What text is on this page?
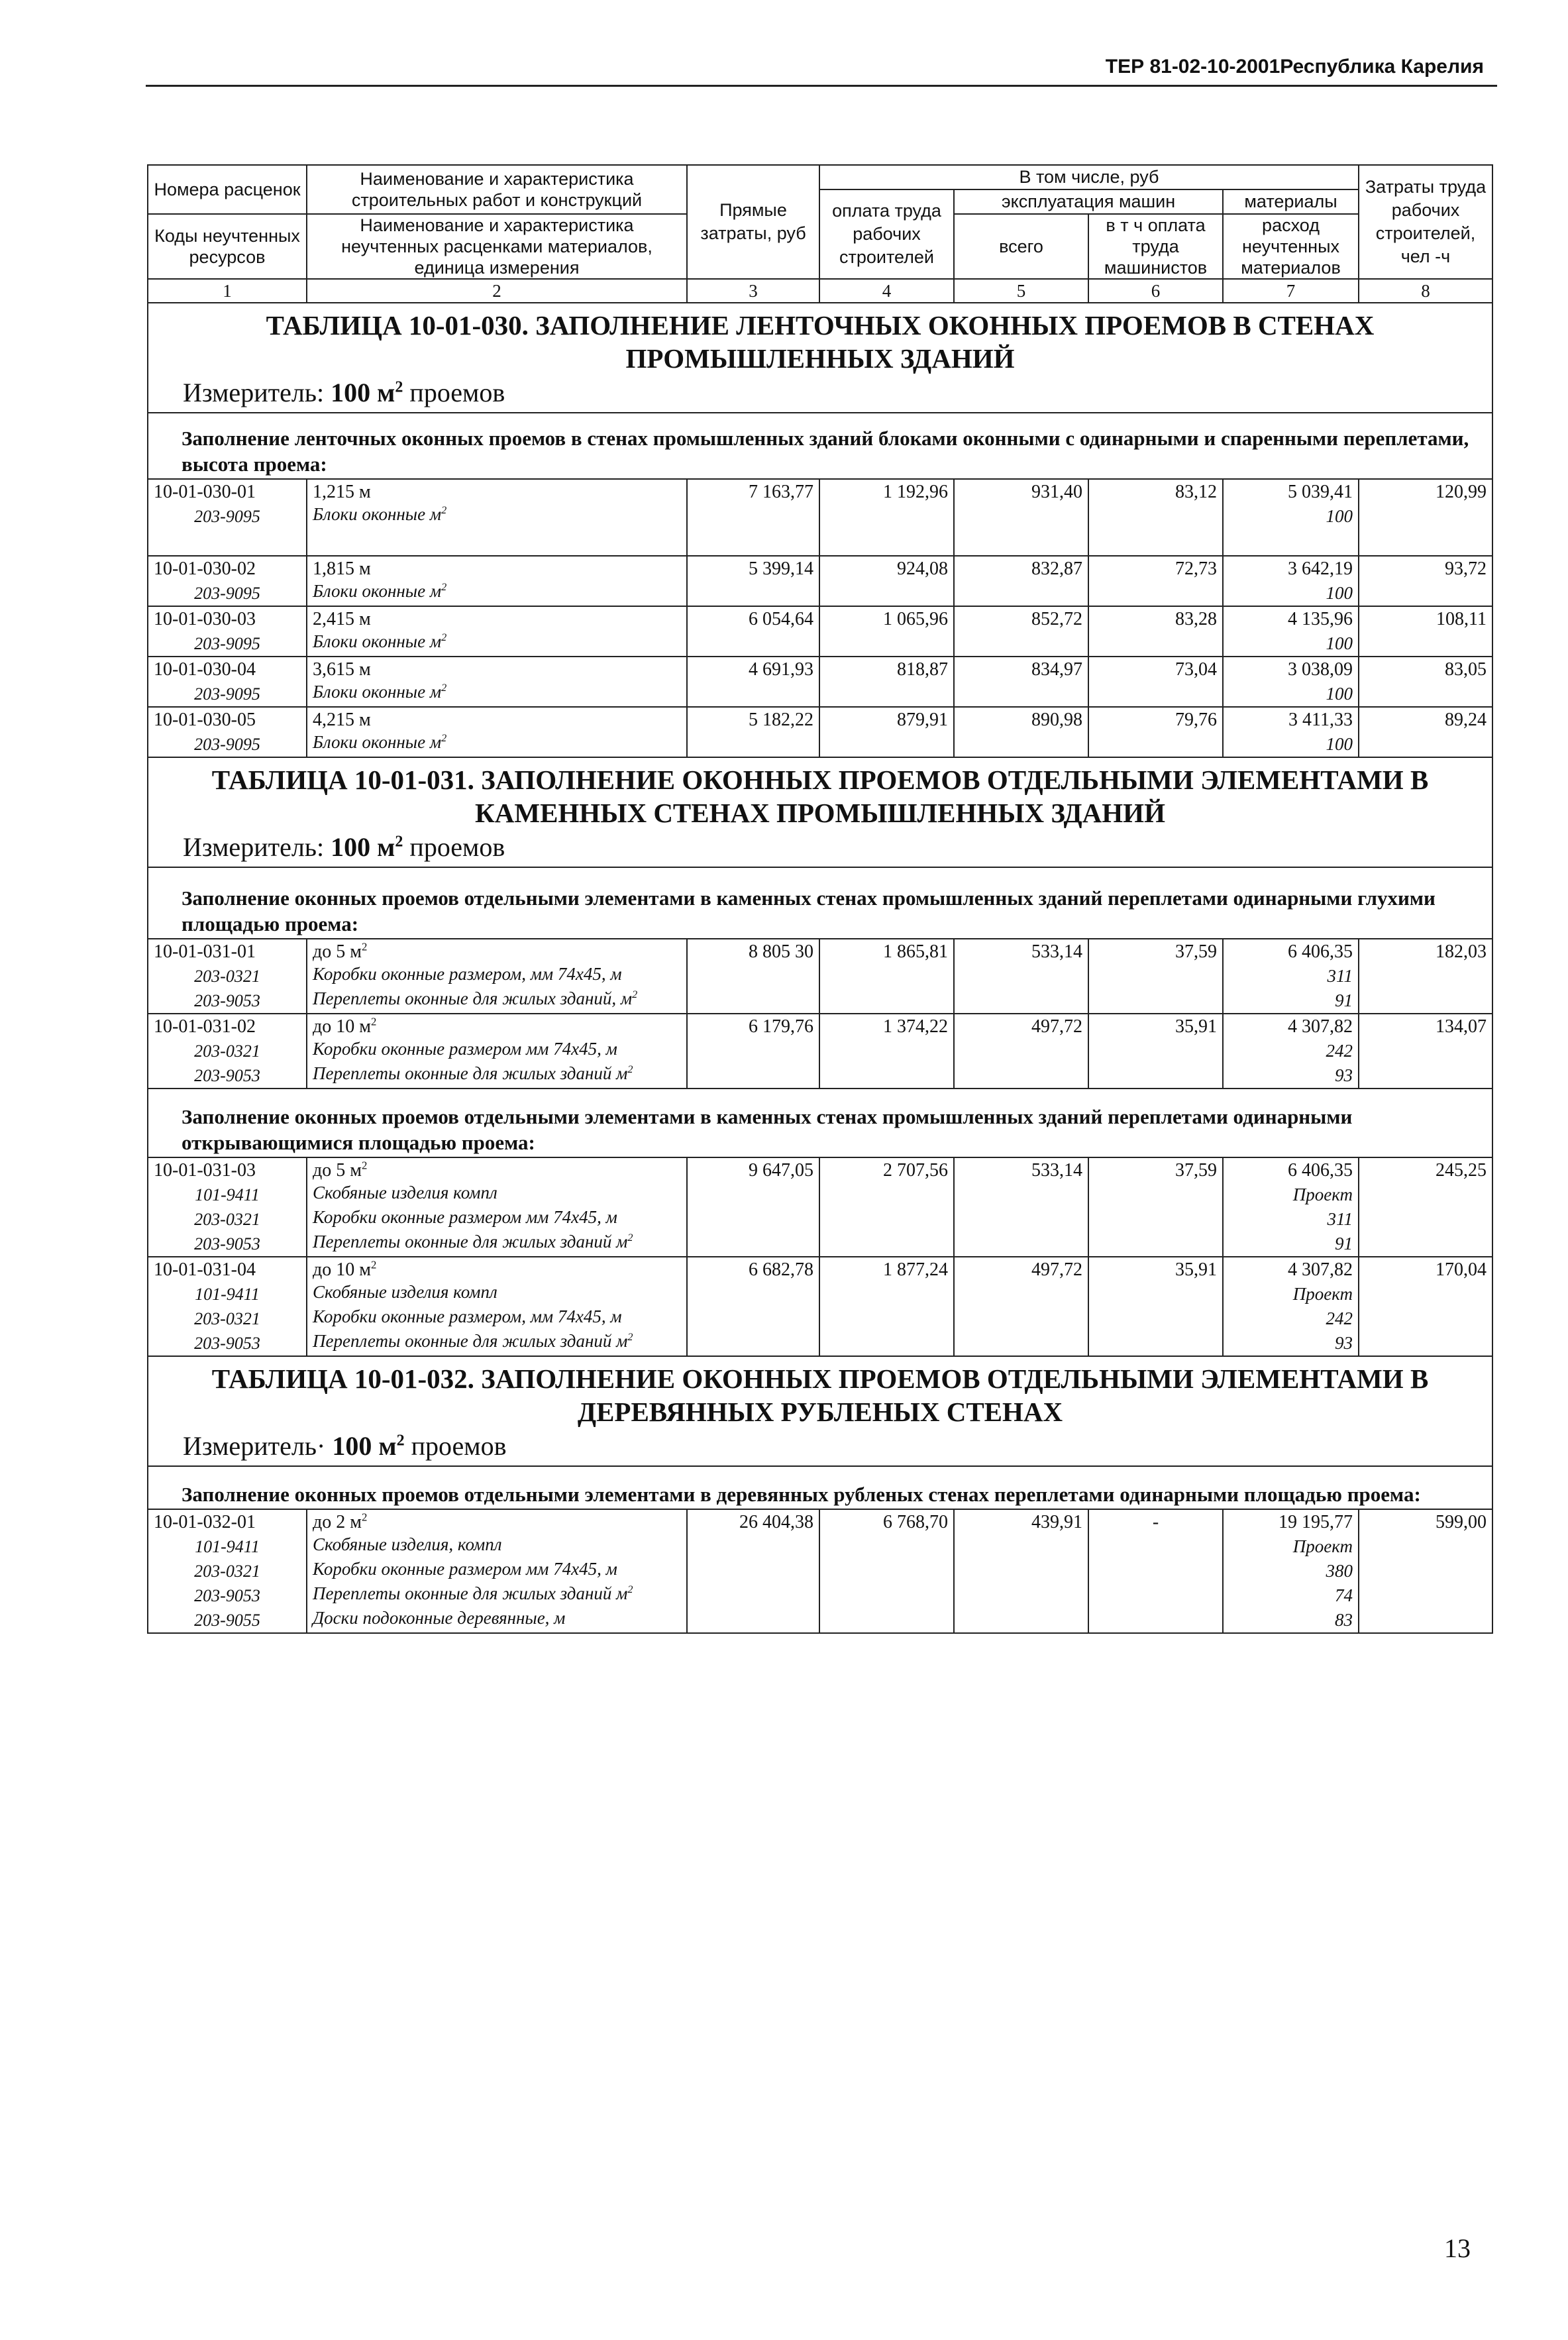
ТЕР 81-02-10-2001Республика Карелия
Номера расценок	Наименование и характеристика строительных работ и конструкций	Прямые затраты, руб	В том числе, руб				Затраты труда рабочих строителей, чел -ч
			оплата труда рабочих строителей	эксплуатация машин		материалы	
Коды неучтенных ресурсов	Наименование и характеристика неучтенных расценками материалов, единица измерения			всего	в т ч оплата труда машинистов	расход неучтенных материалов	

1	2	3	4	5	6	7	8

ТАБЛИЦА 10-01-030. ЗАПОЛНЕНИЕ ЛЕНТОЧНЫХ ОКОННЫХ ПРОЕМОВ В СТЕНАХ ПРОМЫШЛЕННЫХ ЗДАНИЙ
Измеритель: 100 $м^2$ проемов							

Заполнение ленточных оконных проемов в стенах промышленных зданий блоками оконными с одинарными и спаренными переплетами, высота проема:							
10-01-030-01	1,215 м	7 163,77	1 192,96	931,40	83,12	5 039,41	120,99
203-9095	Блоки оконные $м^2$					100	
10-01-030-02	1,815 м	5 399,14	924,08	832,87	72,73	3 642,19	93,72
203-9095	Блоки оконные $м^2$					100	
10-01-030-03	2,415 м	6 054,64	1 065,96	852,72	83,28	4 135,96	108,11
203-9095	Блоки оконные $м^2$					100	
10-01-030-04	3,615 м	4 691,93	818,87	834,97	73,04	3 038,09	83,05
203-9095	Блоки оконные $м^2$					100	
10-01-030-05	4,215 м	5 182,22	879,91	890,98	79,76	3 411,33	89,24
203-9095	Блоки оконные $м^2$					100	

ТАБЛИЦА 10-01-031. ЗАПОЛНЕНИЕ ОКОННЫХ ПРОЕМОВ ОТДЕЛЬНЫМИ ЭЛЕМЕНТАМИ В КАМЕННЫХ СТЕНАХ ПРОМЫШЛЕННЫХ ЗДАНИЙ
Измеритель: 100 $м^2$ проемов							

Заполнение оконных проемов отдельными элементами в каменных стенах промышленных зданий переплетами одинарными глухими площадью проема:							
10-01-031-01	до 5 $м^2$	8 805 30	1 865,81	533,14	37,59	6 406,35	182,03
203-0321	Коробки оконные размером, мм 74х45, м					311	
203-9053	Переплеты оконные для жилых зданий, $м^2$					91	
10-01-031-02	до 10 $м^2$	6 179,76	1 374,22	497,72	35,91	4 307,82	134,07
203-0321	Коробки оконные размером мм 74х45, м					242	
203-9053	Переплеты оконные для жилых зданий $м^2$					93	
Заполнение оконных проемов отдельными элементами в каменных стенах промышленных зданий переплетами одинарными открывающимися площадью проема:							
10-01-031-03	до 5 $м^2$	9 647,05	2 707,56	533,14	37,59	6 406,35	245,25
101-9411	Скобяные изделия компл					Проект	
203-0321	Коробки оконные размером мм 74х45, м					311	
203-9053	Переплеты оконные для жилых зданий $м^2$					91	
10-01-031-04	до 10 $м^2$	6 682,78	1 877,24	497,72	35,91	4 307,82	170,04
101-9411	Скобяные изделия компл					Проект	
203-0321	Коробки оконные размером, мм 74х45, м					242	
203-9053	Переплеты оконные для жилых зданий $м^2$					93	

ТАБЛИЦА 10-01-032. ЗАПОЛНЕНИЕ ОКОННЫХ ПРОЕМОВ ОТДЕЛЬНЫМИ ЭЛЕМЕНТАМИ В ДЕРЕВЯННЫХ РУБЛЕНЫХ СТЕНАХ
Измеритель· 100 $м^2$ проемов							

Заполнение оконных проемов отдельными элементами в деревянных рубленых стенах переплетами одинарными площадью проема:							
10-01-032-01	до 2 $м^2$	26 404,38	6 768,70	439,91	-	19 195,77	599,00
101-9411	Скобяные изделия, компл					Проект	
203-0321	Коробки оконные размером мм 74х45, м					380	
203-9053	Переплеты оконные для жилых зданий $м^2$					74	
203-9055	Доски подоконные деревянные, м					83	
13
